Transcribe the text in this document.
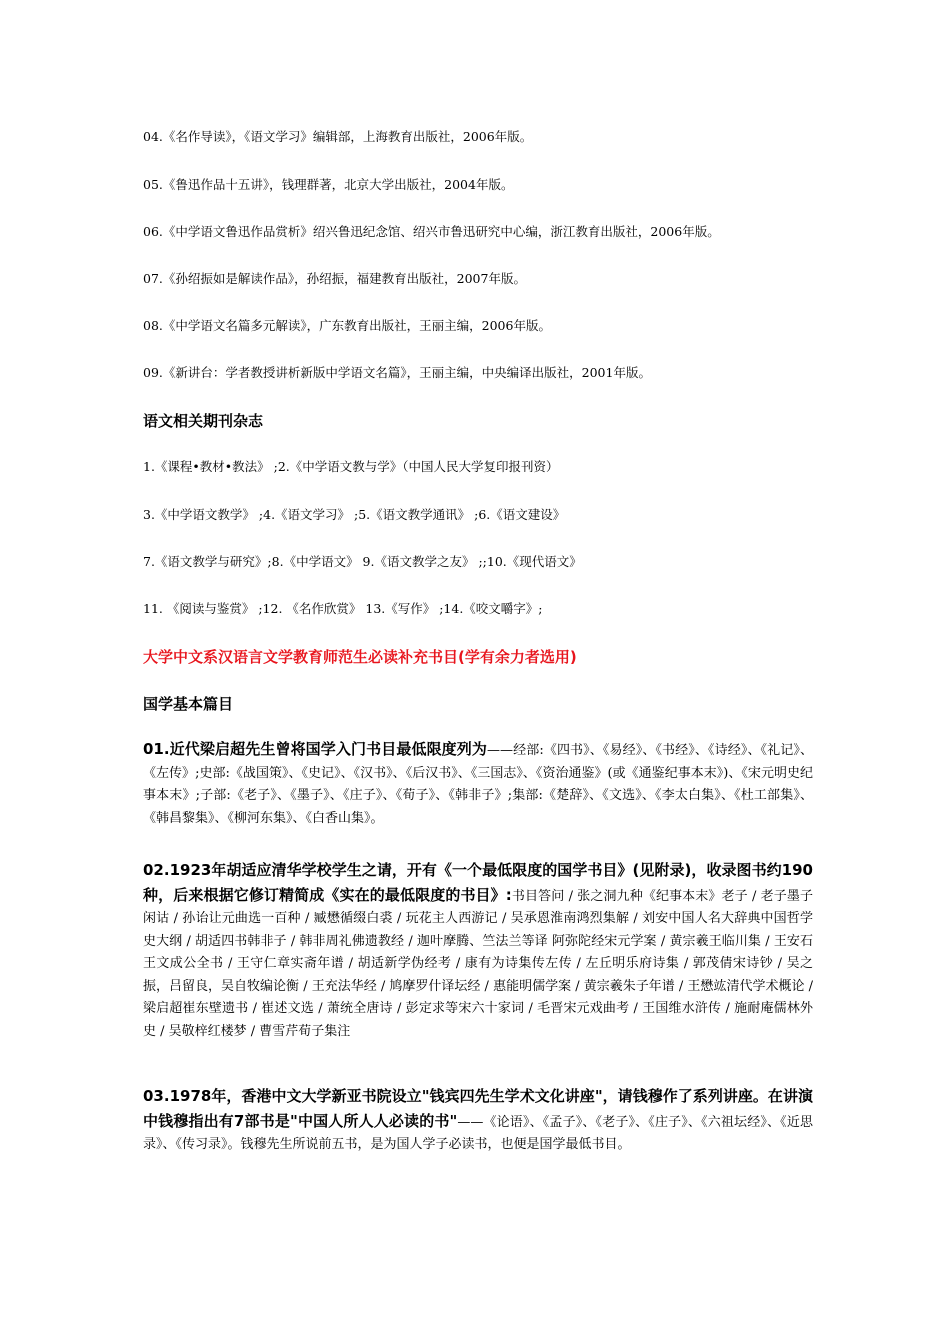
04.《名作导读》，《语文学习》编辑部，上海教育出版社，2006年版。
05.《鲁迅作品十五讲》，钱理群著，北京大学出版社，2004年版。
06.《中学语文鲁迅作品赏析》绍兴鲁迅纪念馆、绍兴市鲁迅研究中心编，浙江教育出版社，2006年版。
07.《孙绍振如是解读作品》，孙绍振，福建教育出版社，2007年版。
08.《中学语文名篇多元解读》，广东教育出版社，王丽主编，2006年版。
09.《新讲台：学者教授讲析新版中学语文名篇》，王丽主编，中央编译出版社，2001年版。
语文相关期刊杂志
1.《课程•教材•教法》 ;2.《中学语文教与学》（中国人民大学复印报刊资）
3.《中学语文教学》 ;4.《语文学习》 ;5.《语文教学通讯》 ;6.《语文建设》
7.《语文教学与研究》;8.《中学语文》 9.《语文教学之友》 ;;10.《现代语文》
11. 《阅读与鉴赏》 ;12. 《名作欣赏》 13.《写作》 ;14.《咬文嚼字》;
大学中文系汉语言文学教育师范生必读补充书目(学有余力者选用)
国学基本篇目
01.近代梁启超先生曾将国学入门书目最低限度列为——经部:《四书》、《易经》、《书经》、《诗经》、《礼记》、《左传》;史部:《战国策》、《史记》、《汉书》、《后汉书》、《三国志》、《资治通鉴》(或《通鉴纪事本末》)、《宋元明史纪事本末》;子部:《老子》、《墨子》、《庄子》、《荀子》、《韩非子》;集部:《楚辞》、《文选》、《李太白集》、《杜工部集》、《韩昌黎集》、《柳河东集》、《白香山集》。
02.1923年胡适应清华学校学生之请，开有《一个最低限度的国学书目》(见附录)，收录图书约190种，后来根据它修订精简成《实在的最低限度的书目》:书目答问 / 张之洞九种《纪事本末》老子 / 老子墨子闲诂 / 孙诒让元曲选一百种 / 臧懋循缀白裘 / 玩花主人西游记 / 吴承恩淮南鸿烈集解 / 刘安中国人名大辞典中国哲学史大纲 / 胡适四书韩非子 / 韩非周礼佛遗教经 / 迦叶摩腾、竺法兰等译 阿弥陀经宋元学案 / 黄宗羲王临川集 / 王安石王文成公全书 / 王守仁章实斋年谱 / 胡适新学伪经考 / 康有为诗集传左传 / 左丘明乐府诗集 / 郭茂倩宋诗钞 / 吴之振，吕留良，吴自牧编论衡 / 王充法华经 / 鸠摩罗什译坛经 / 惠能明儒学案 / 黄宗羲朱子年谱 / 王懋竑清代学术概论 / 梁启超崔东壁遗书 / 崔述文选 / 萧统全唐诗 / 彭定求等宋六十家词 / 毛晋宋元戏曲考 / 王国维水浒传 / 施耐庵儒林外史 / 吴敬梓红楼梦 / 曹雪芹荀子集注
03.1978年，香港中文大学新亚书院设立"钱宾四先生学术文化讲座"，请钱穆作了系列讲座。在讲演中钱穆指出有7部书是"中国人所人人必读的书"——《论语》、《孟子》、《老子》、《庄子》、《六祖坛经》、《近思录》、《传习录》。钱穆先生所说前五书，是为国人学子必读书，也便是国学最低书目。
